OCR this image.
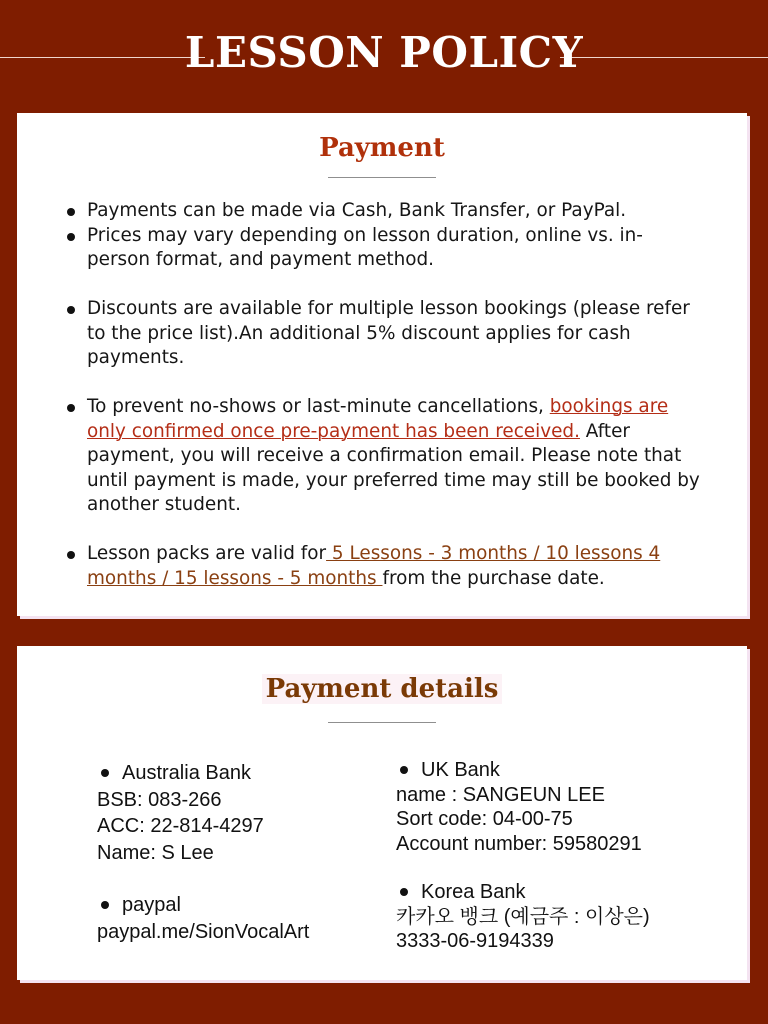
LESSON POLICY
Payment
Payments can be made via Cash, Bank Transfer, or PayPal.
Prices may vary depending on lesson duration, online vs. in-person format, and payment method.
Discounts are available for multiple lesson bookings (please refer to the price list).An additional 5% discount applies for cash payments.
To prevent no-shows or last-minute cancellations, bookings are only confirmed once pre-payment has been received. After payment, you will receive a confirmation email. Please note that until payment is made, your preferred time may still be booked by another student.
Lesson packs are valid for 5 Lessons - 3 months / 10 lessons 4 months / 15 lessons - 5 months from the purchase date.
Payment details
Australia Bank
BSB: 083-266
ACC: 22-814-4297
Name: S Lee
paypal
paypal.me/SionVocalArt
UK Bank
name : SANGEUN LEE
Sort code: 04-00-75
Account number: 59580291
Korea Bank
카카오 뱅크 (예금주 : 이상은)
3333-06-9194339
